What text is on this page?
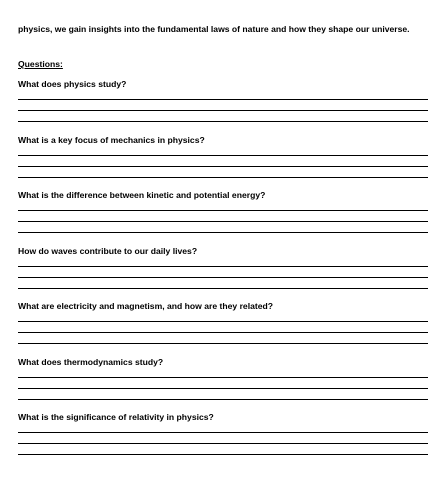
physics, we gain insights into the fundamental laws of nature and how they shape our universe.

Questions:

What does physics study?

What is a key focus of mechanics in physics?

What is the difference between kinetic and potential energy?

How do waves contribute to our daily lives?

What are electricity and magnetism, and how are they related?

What does thermodynamics study?

What is the significance of relativity in physics?
